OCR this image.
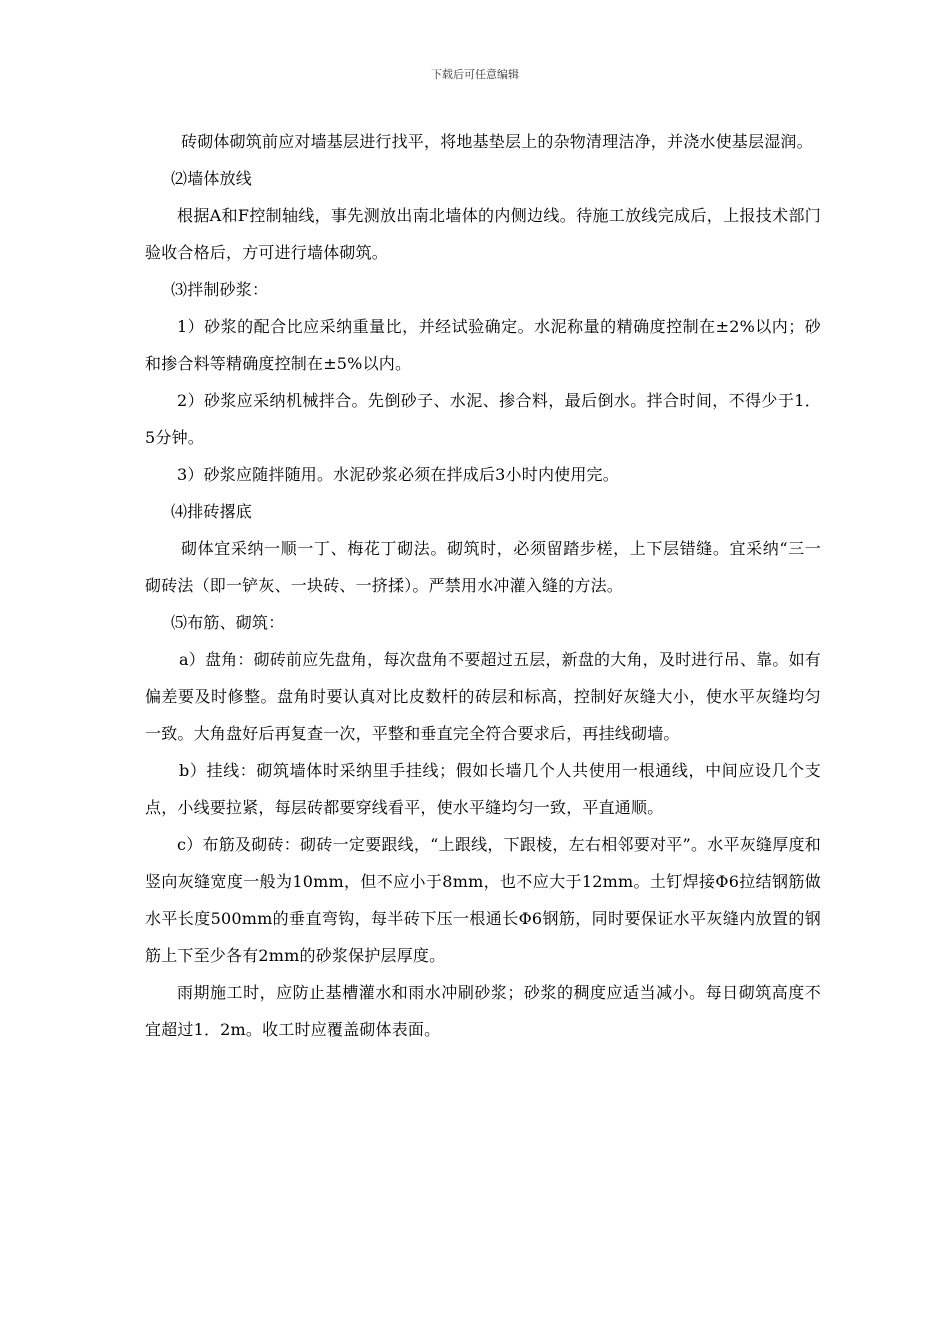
下载后可任意编辑

砖砌体砌筑前应对墙基层进行找平，将地基垫层上的杂物清理洁净，并浇水使基层湿润。

⑵墙体放线

根据A和F控制轴线，事先测放出南北墙体的内侧边线。待施工放线完成后，上报技术部门验收合格后，方可进行墙体砌筑。

⑶拌制砂浆：

1）砂浆的配合比应采纳重量比，并经试验确定。水泥称量的精确度控制在±2%以内；砂和掺合料等精确度控制在±5%以内。

2）砂浆应采纳机械拌合。先倒砂子、水泥、掺合料，最后倒水。拌合时间，不得少于1．5分钟。

3）砂浆应随拌随用。水泥砂浆必须在拌成后3小时内使用完。

⑷排砖撂底

砌体宜采纳一顺一丁、梅花丁砌法。砌筑时，必须留踏步槎，上下层错缝。宜采纳“三一砌砖法（即一铲灰、一块砖、一挤揉）。严禁用水冲灌入缝的方法。

⑸布筋、砌筑：

a）盘角：砌砖前应先盘角，每次盘角不要超过五层，新盘的大角，及时进行吊、靠。如有偏差要及时修整。盘角时要认真对比皮数杆的砖层和标高，控制好灰缝大小，使水平灰缝均匀一致。大角盘好后再复查一次，平整和垂直完全符合要求后，再挂线砌墙。

b）挂线：砌筑墙体时采纳里手挂线；假如长墙几个人共使用一根通线，中间应设几个支点，小线要拉紧，每层砖都要穿线看平，使水平缝均匀一致，平直通顺。

c）布筋及砌砖：砌砖一定要跟线，“上跟线，下跟棱，左右相邻要对平”。水平灰缝厚度和竖向灰缝宽度一般为10mm，但不应小于8mm，也不应大于12mm。土钉焊接Φ6拉结钢筋做水平长度500mm的垂直弯钩，每半砖下压一根通长Φ6钢筋，同时要保证水平灰缝内放置的钢筋上下至少各有2mm的砂浆保护层厚度。

雨期施工时，应防止基槽灌水和雨水冲刷砂浆；砂浆的稠度应适当减小。每日砌筑高度不宜超过1．2m。收工时应覆盖砌体表面。
